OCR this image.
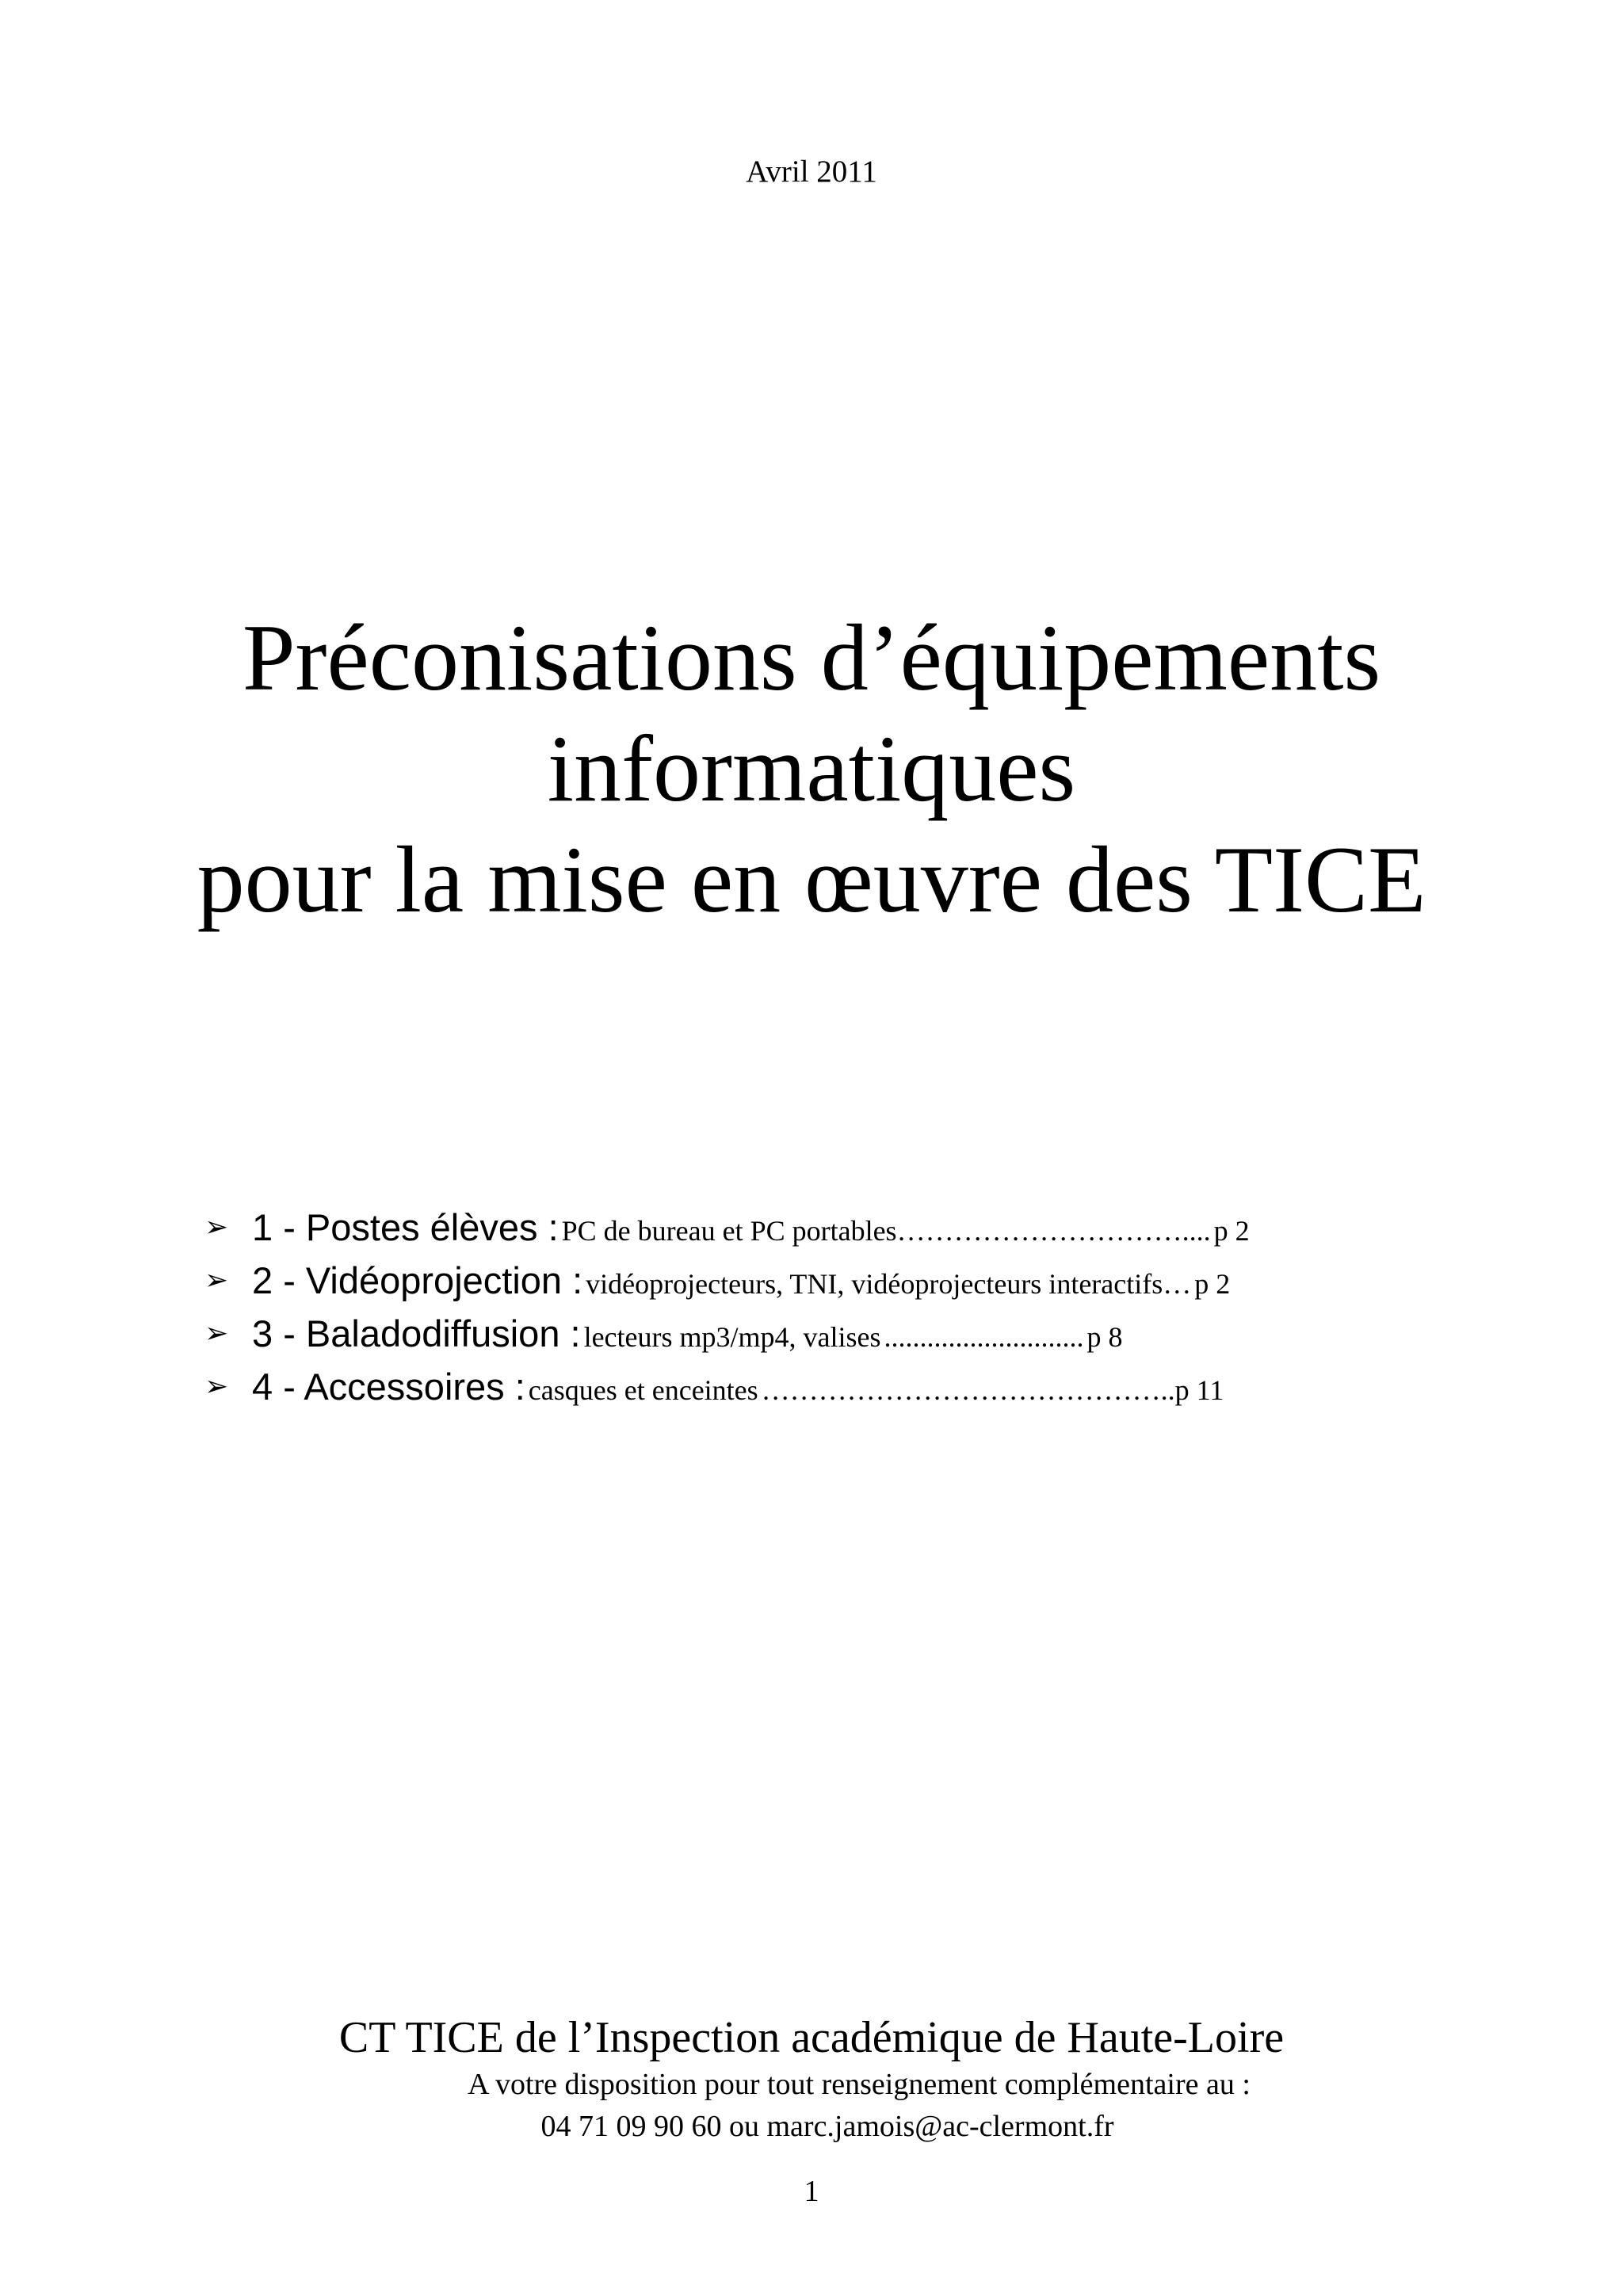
Avril 2011
Préconisations d’équipements
informatiques
pour la mise en œuvre des TICE
➢ 1 - Postes élèves : PC de bureau et PC portables………………………….... p 2
➢ 2 - Vidéoprojection : vidéoprojecteurs, TNI, vidéoprojecteurs interactifs… p 2
➢ 3 - Baladodiffusion : lecteurs mp3/mp4, valises ............................ p 8
➢ 4 - Accessoires : casques et enceintes ……………………………………..p 11
CT TICE de l’Inspection académique de Haute-Loire
A votre disposition pour tout renseignement complémentaire au :
04 71 09 90 60 ou marc.jamois@ac-clermont.fr
1
